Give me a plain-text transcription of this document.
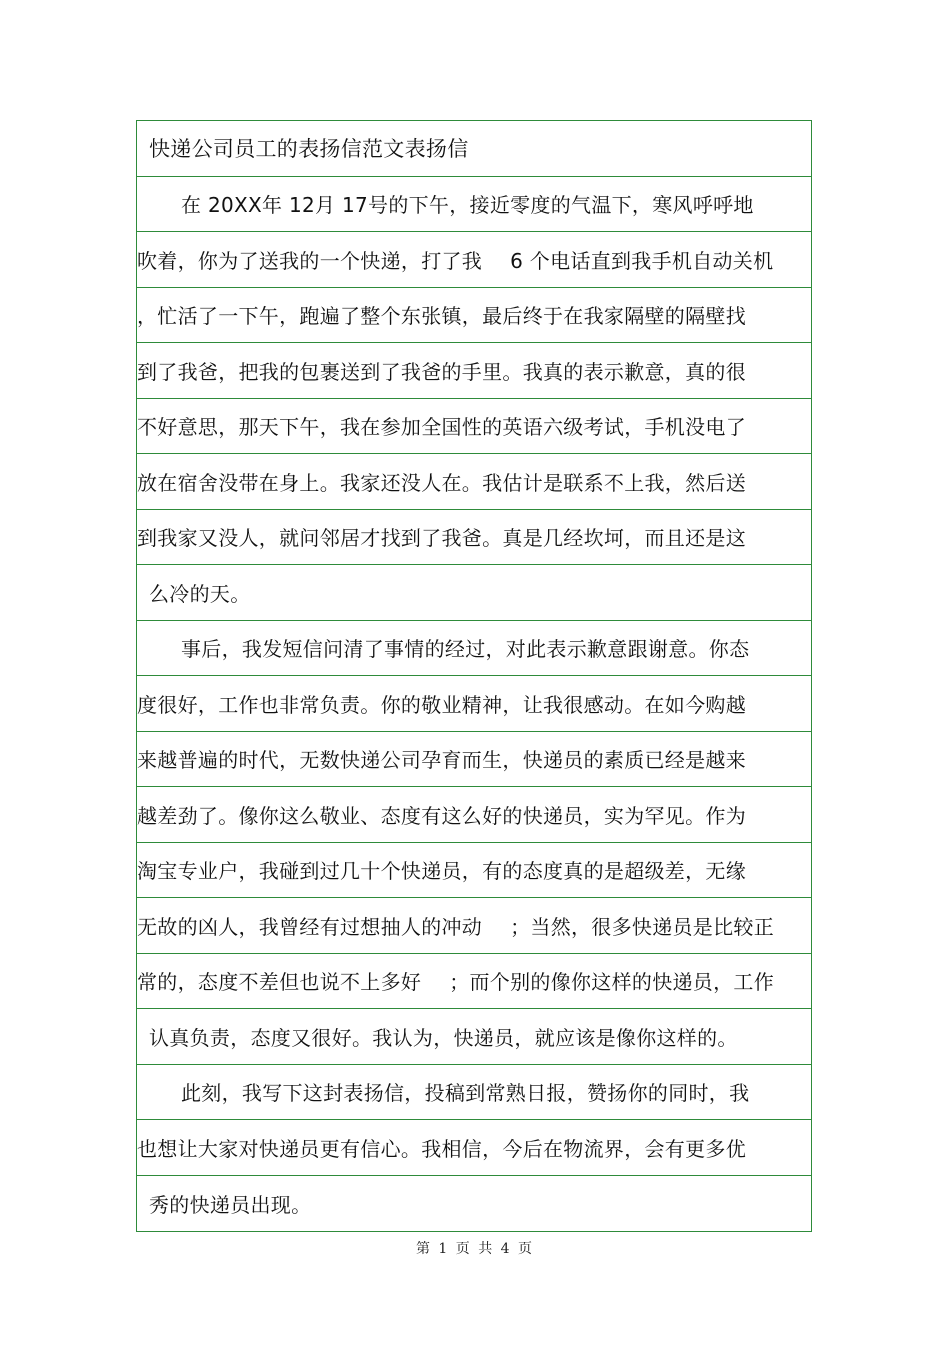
快递公司员工的表扬信范文表扬信
在 20XX年 12月 17号的下午，接近零度的气温下，寒风呼呼地
吹着，你为了送我的一个快递，打了我 6 个电话直到我手机自动关机
，忙活了一下午，跑遍了整个东张镇，最后终于在我家隔壁的隔壁找
到了我爸，把我的包裹送到了我爸的手里。我真的表示歉意，真的很
不好意思，那天下午，我在参加全国性的英语六级考试，手机没电了
放在宿舍没带在身上。我家还没人在。我估计是联系不上我，然后送
到我家又没人，就问邻居才找到了我爸。真是几经坎坷，而且还是这
么冷的天。
事后，我发短信问清了事情的经过，对此表示歉意跟谢意。你态
度很好，工作也非常负责。你的敬业精神，让我很感动。在如今购越
来越普遍的时代，无数快递公司孕育而生，快递员的素质已经是越来
越差劲了。像你这么敬业、态度有这么好的快递员，实为罕见。作为
淘宝专业户，我碰到过几十个快递员，有的态度真的是超级差，无缘
无故的凶人，我曾经有过想抽人的冲动 ；当然，很多快递员是比较正
常的，态度不差但也说不上多好 ；而个别的像你这样的快递员，工作
认真负责，态度又很好。我认为，快递员，就应该是像你这样的。
此刻，我写下这封表扬信，投稿到常熟日报，赞扬你的同时，我
也想让大家对快递员更有信心。我相信，今后在物流界，会有更多优
秀的快递员出现。
第 1 页 共 4 页
